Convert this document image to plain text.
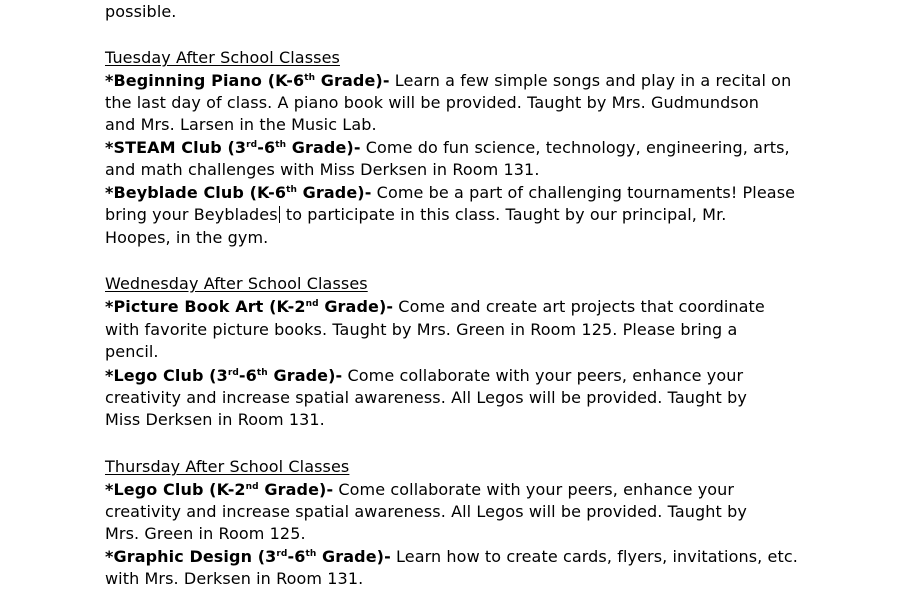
possible.
Tuesday After School Classes
*Beginning Piano (K-6th Grade)- Learn a few simple songs and play in a recital on
the last day of class. A piano book will be provided. Taught by Mrs. Gudmundson
and Mrs. Larsen in the Music Lab.
*STEAM Club (3rd-6th Grade)- Come do fun science, technology, engineering, arts,
and math challenges with Miss Derksen in Room 131.
*Beyblade Club (K-6th Grade)- Come be a part of challenging tournaments! Please
bring your Beyblades to participate in this class. Taught by our principal, Mr.
Hoopes, in the gym.
Wednesday After School Classes
*Picture Book Art (K-2nd Grade)- Come and create art projects that coordinate
with favorite picture books. Taught by Mrs. Green in Room 125. Please bring a
pencil.
*Lego Club (3rd-6th Grade)- Come collaborate with your peers, enhance your
creativity and increase spatial awareness. All Legos will be provided. Taught by
Miss Derksen in Room 131.
Thursday After School Classes
*Lego Club (K-2nd Grade)- Come collaborate with your peers, enhance your
creativity and increase spatial awareness. All Legos will be provided. Taught by
Mrs. Green in Room 125.
*Graphic Design (3rd-6th Grade)- Learn how to create cards, flyers, invitations, etc.
with Mrs. Derksen in Room 131.
